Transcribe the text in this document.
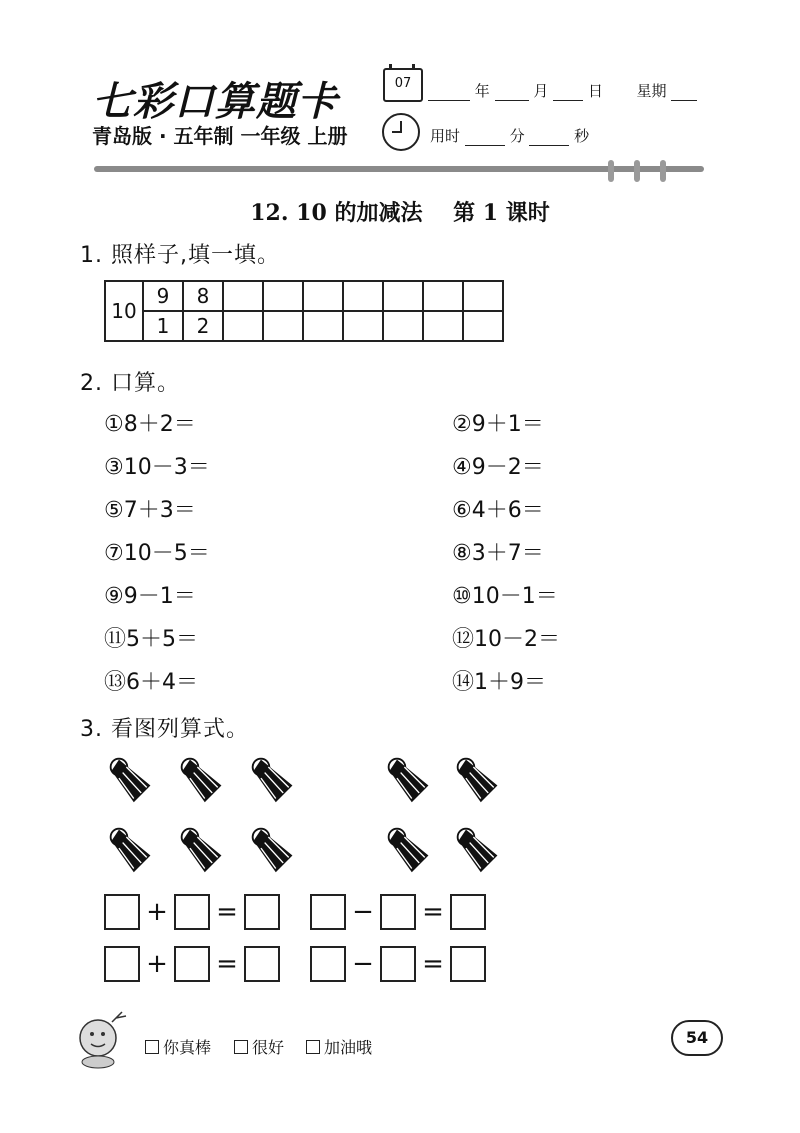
七彩口算题卡	07	年	月	日 星期
青岛版 · 五年制 一年级 上册	用时	分	秒
12. 10 的加减法    第 1 课时
1. 照样子,填一填。
10	9	8							
	1	2							
2. 口算。
①8＋2＝	②9＋1＝
③10－3＝	④9－2＝
⑤7＋3＝	⑥4＋6＝
⑦10－5＝	⑧3＋7＝
⑨9－1＝	⑩10－1＝
⑪5＋5＝	⑫10－2＝
⑬6＋4＝	⑭1＋9＝
3. 看图列算式。
+ =	− =
+ =	− =
你真棒	很好 加油哦
54
